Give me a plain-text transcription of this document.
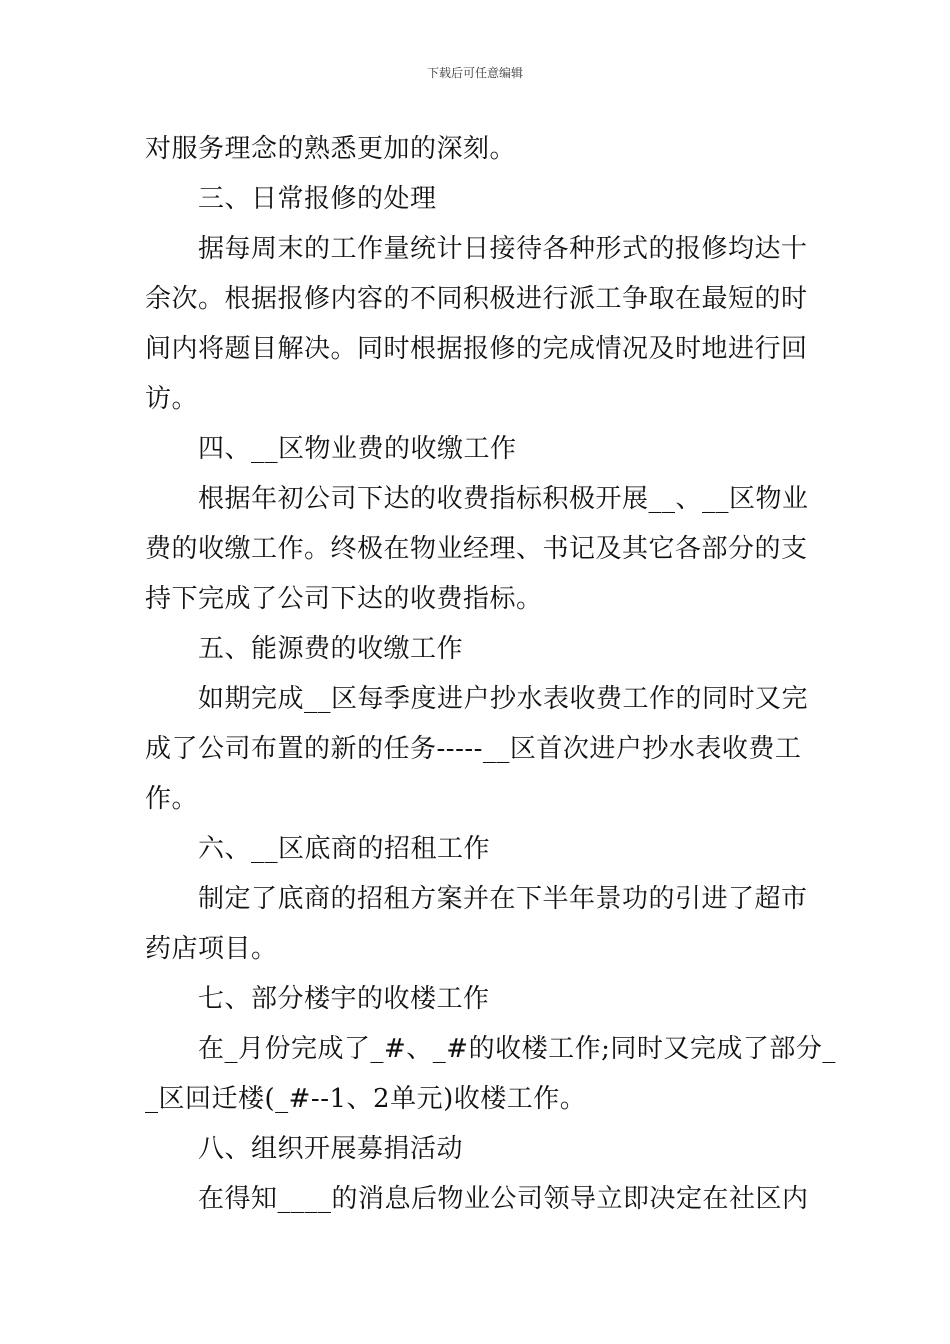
下载后可任意编辑
对服务理念的熟悉更加的深刻。
　　三、日常报修的处理
　　据每周末的工作量统计日接待各种形式的报修均达十
余次。根据报修内容的不同积极进行派工争取在最短的时
间内将题目解决。同时根据报修的完成情况及时地进行回
访。
　　四、__区物业费的收缴工作
　　根据年初公司下达的收费指标积极开展__、__区物业
费的收缴工作。终极在物业经理、书记及其它各部分的支
持下完成了公司下达的收费指标。
　　五、能源费的收缴工作
　　如期完成__区每季度进户抄水表收费工作的同时又完
成了公司布置的新的任务-----__区首次进户抄水表收费工
作。
　　六、__区底商的招租工作
　　制定了底商的招租方案并在下半年景功的引进了超市
药店项目。
　　七、部分楼宇的收楼工作
　　在_月份完成了_#、_#的收楼工作;同时又完成了部分_
_区回迁楼(_#--1、2单元)收楼工作。
　　八、组织开展募捐活动
　　在得知____的消息后物业公司领导立即决定在社区内
